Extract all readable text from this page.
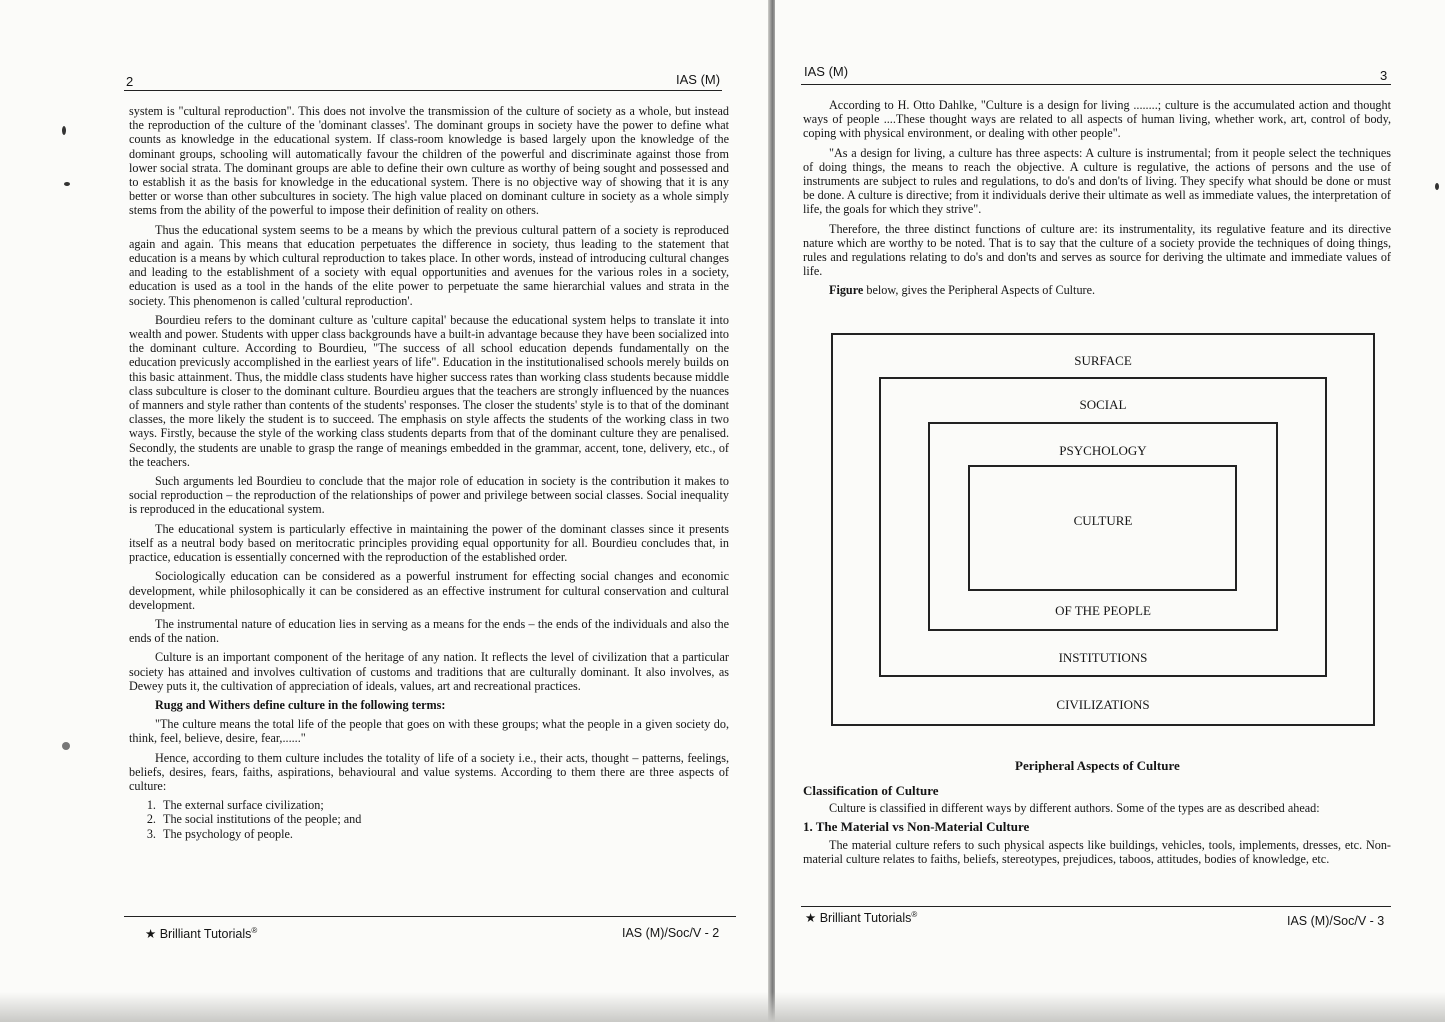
2	IAS (M)

system is "cultural reproduction". This does not involve the transmission of the culture of society as a whole, but instead the reproduction of the culture of the 'dominant classes'. The dominant groups in society have the power to define what counts as knowledge in the educational system. If class-room knowledge is based largely upon the knowledge of the dominant groups, schooling will automatically favour the children of the powerful and discriminate against those from lower social strata. The dominant groups are able to define their own culture as worthy of being sought and possessed and to establish it as the basis for knowledge in the educational system. There is no objective way of showing that it is any better or worse than other subcultures in society. The high value placed on dominant culture in society as a whole simply stems from the ability of the powerful to impose their definition of reality on others.

Thus the educational system seems to be a means by which the previous cultural pattern of a society is reproduced again and again. This means that education perpetuates the difference in society, thus leading to the statement that education is a means by which cultural reproduction to takes place. In other words, instead of introducing cultural changes and leading to the establishment of a society with equal opportunities and avenues for the various roles in a society, education is used as a tool in the hands of the elite power to perpetuate the same hierarchial values and strata in the society. This phenomenon is called 'cultural reproduction'.

Bourdieu refers to the dominant culture as 'culture capital' because the educational system helps to translate it into wealth and power. Students with upper class backgrounds have a built-in advantage because they have been socialized into the dominant culture. According to Bourdieu, "The success of all school education depends fundamentally on the education previcusly accomplished in the earliest years of life". Education in the institutionalised schools merely builds on this basic attainment. Thus, the middle class students have higher success rates than working class students because middle class subculture is closer to the dominant culture. Bourdieu argues that the teachers are strongly influenced by the nuances of manners and style rather than contents of the students' responses. The closer the students' style is to that of the dominant classes, the more likely the student is to succeed. The emphasis on style affects the students of the working class in two ways. Firstly, because the style of the working class students departs from that of the dominant culture they are penalised. Secondly, the students are unable to grasp the range of meanings embedded in the grammar, accent, tone, delivery, etc., of the teachers.

Such arguments led Bourdieu to conclude that the major role of education in society is the contribution it makes to social reproduction – the reproduction of the relationships of power and privilege between social classes. Social inequality is reproduced in the educational system.

The educational system is particularly effective in maintaining the power of the dominant classes since it presents itself as a neutral body based on meritocratic principles providing equal opportunity for all. Bourdieu concludes that, in practice, education is essentially concerned with the reproduction of the established order.

Sociologically education can be considered as a powerful instrument for effecting social changes and economic development, while philosophically it can be considered as an effective instrument for cultural conservation and cultural development.

The instrumental nature of education lies in serving as a means for the ends – the ends of the individuals and also the ends of the nation.

Culture is an important component of the heritage of any nation. It reflects the level of civilization that a particular society has attained and involves cultivation of customs and traditions that are culturally dominant. It also involves, as Dewey puts it, the cultivation of appreciation of ideals, values, art and recreational practices.

Rugg and Withers define culture in the following terms:

"The culture means the total life of the people that goes on with these groups; what the people in a given society do, think, feel, believe, desire, fear,......"

Hence, according to them culture includes the totality of life of a society i.e., their acts, thought – patterns, feelings, beliefs, desires, fears, faiths, aspirations, behavioural and value systems. According to them there are three aspects of culture:

1. The external surface civilization;
2. The social institutions of the people; and
3. The psychology of people.
★ Brilliant Tutorials®	IAS (M)/Soc/V - 2
IAS (M)	3

According to H. Otto Dahlke, "Culture is a design for living ........; culture is the accumulated action and thought ways of people ....These thought ways are related to all aspects of human living, whether work, art, control of body, coping with physical environment, or dealing with other people".

"As a design for living, a culture has three aspects: A culture is instrumental; from it people select the techniques of doing things, the means to reach the objective. A culture is regulative, the actions of persons and the use of instruments are subject to rules and regulations, to do's and don'ts of living. They specify what should be done or must be done. A culture is directive; from it individuals derive their ultimate as well as immediate values, the interpretation of life, the goals for which they strive".

Therefore, the three distinct functions of culture are: its instrumentality, its regulative feature and its directive nature which are worthy to be noted. That is to say that the culture of a society provide the techniques of doing things, rules and regulations relating to do's and don'ts and serves as source for deriving the ultimate and immediate values of life.

Figure below, gives the Peripheral Aspects of Culture.

SURFACE
SOCIAL
PSYCHOLOGY
CULTURE
OF THE PEOPLE
INSTITUTIONS
CIVILIZATIONS
Peripheral Aspects of Culture
Classification of Culture

Culture is classified in different ways by different authors. Some of the types are as described ahead:

1. The Material vs Non-Material Culture

The material culture refers to such physical aspects like buildings, vehicles, tools, implements, dresses, etc. Non-material culture relates to faiths, beliefs, stereotypes, prejudices, taboos, attitudes, bodies of knowledge, etc.

★ Brilliant Tutorials®	IAS (M)/Soc/V - 3
